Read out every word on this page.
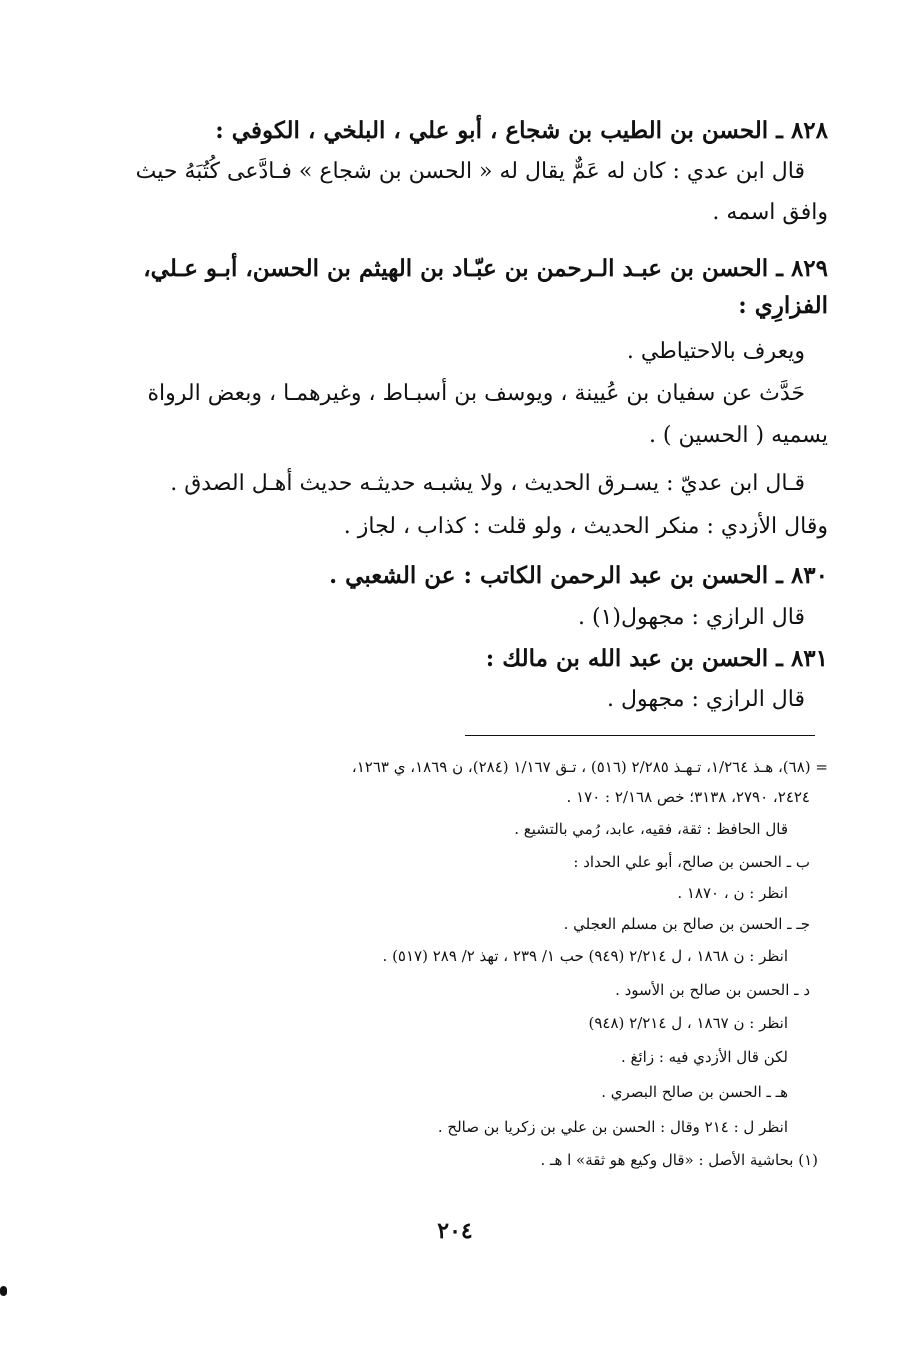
٨٢٨ ـ الحسن بن الطيب بن شجاع ، أبو علي ، البلخي ، الكوفي :
قال ابن عدي : كان له عَمٌّ يقال له « الحسن بن شجاع » فـادَّعى كُتُبَهُ حيث
وافق اسمه .
٨٢٩ ـ الحسن بن عبـد الـرحمن بن عبّـاد بن الهيثم بن الحسن، أبـو عـلي،
الفزارِي :
ويعرف بالاحتياطي .
حَدَّث عن سفيان بن عُيينة ، ويوسف بن أسبـاط ، وغيرهمـا ، وبعض الرواة
يسميه ( الحسين ) .
قـال ابن عديّ : يسـرق الحديث ، ولا يشبـه حديثـه حديث أهـل الصدق .
وقال الأزدي : منكر الحديث ، ولو قلت : كذاب ، لجاز .
٨٣٠ ـ الحسن بن عبد الرحمن الكاتب : عن الشعبي .
قال الرازي : مجهول(١) .
٨٣١ ـ الحسن بن عبد الله بن مالك :
قال الرازي : مجهول .
= (٦٨)، هـذ ١/٢٦٤، تـهـذ ٢/٢٨٥ (٥١٦) ، تـق ١/١٦٧ (٢٨٤)، ن ١٨٦٩، ي ١٢٦٣،
٢٤٢٤، ٢٧٩٠، ٣١٣٨؛ خص ٢/١٦٨ : ١٧٠ .
قال الحافظ : ثقة، فقيه، عابد، رُمي بالتشيع .
ب ـ الحسن بن صالح، أبو علي الحداد :
انظر : ن ، ١٨٧٠ .
جـ ـ الحسن بن صالح بن مسلم العجلي .
انظر : ن ١٨٦٨ ، ل ٢/٢١٤ (٩٤٩) حب ١/ ٢٣٩ ، تهذ ٢/ ٢٨٩ (٥١٧) .
د ـ الحسن بن صالح بن الأسود .
انظر : ن ١٨٦٧ ، ل ٢/٢١٤ (٩٤٨)
لكن قال الأزدي فيه : زائغ .
هـ ـ الحسن بن صالح البصري .
انظر ل : ٢١٤ وقال : الحسن بن علي بن زكريا بن صالح .
(١) بحاشية الأصل : «قال وكيع هو ثقة» ا هـ .
٢٠٤
